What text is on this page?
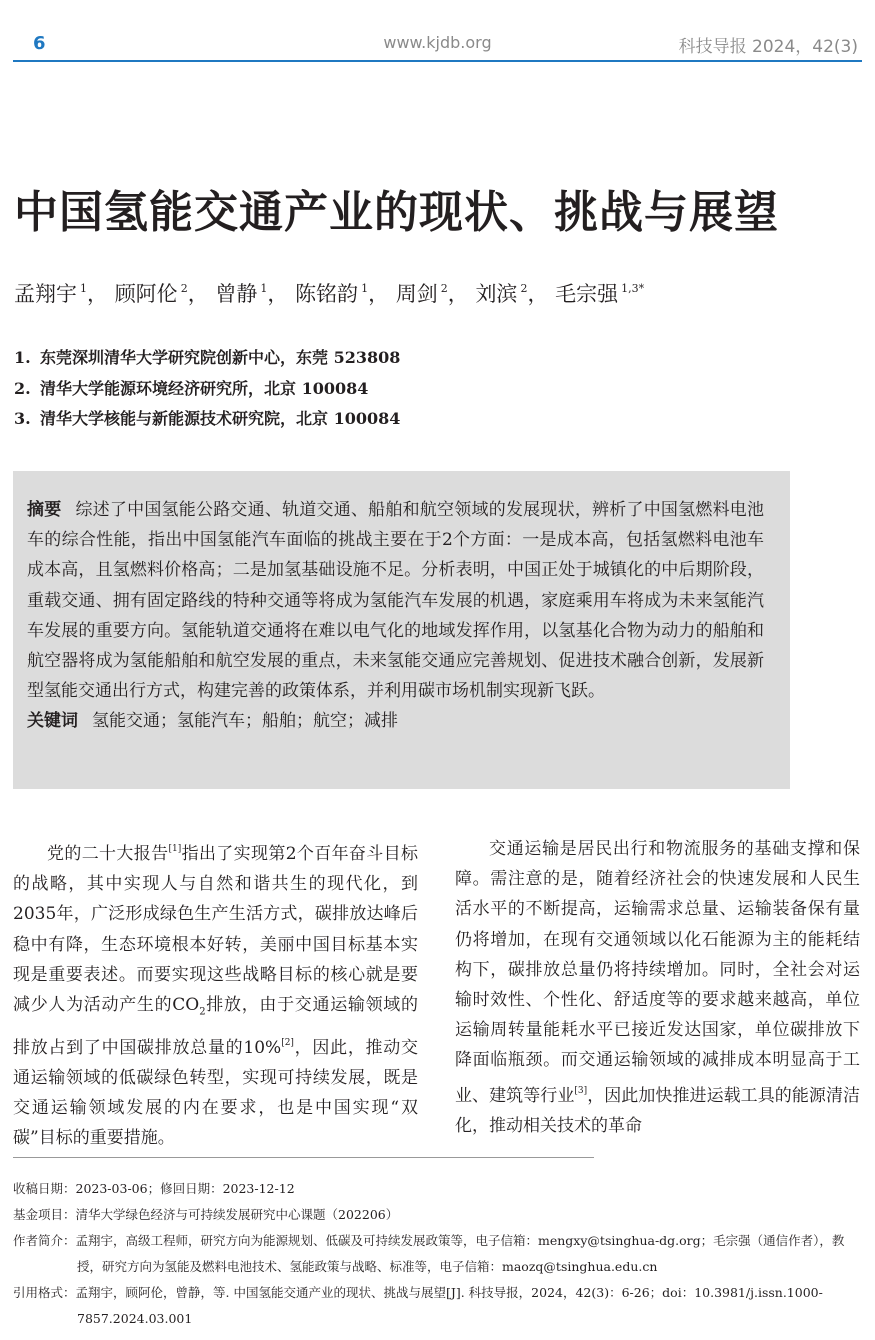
6	www.kjdb.org	科技导报 2024，42(3)
中国氢能交通产业的现状、挑战与展望
孟翔宇 $^1$， 顾阿伦 $^2$， 曾静 $^1$， 陈铭韵 $^1$， 周剑 $^2$， 刘滨 $^2$， 毛宗强 $^{1,3*}$
1. 东莞深圳清华大学研究院创新中心，东莞 523808
2. 清华大学能源环境经济研究所，北京 100084
3. 清华大学核能与新能源技术研究院，北京 100084

摘要 综述了中国氢能公路交通、轨道交通、船舶和航空领域的发展现状，辨析了中国氢燃料电池车的综合性能，指出中国氢能汽车面临的挑战主要在于2个方面：一是成本高，包括氢燃料电池车成本高，且氢燃料价格高；二是加氢基础设施不足。分析表明，中国正处于城镇化的中后期阶段，重载交通、拥有固定路线的特种交通等将成为氢能汽车发展的机遇，家庭乘用车将成为未来氢能汽车发展的重要方向。氢能轨道交通将在难以电气化的地域发挥作用，以氢基化合物为动力的船舶和航空器将成为氢能船舶和航空发展的重点，未来氢能交通应完善规划、促进技术融合创新，发展新型氢能交通出行方式，构建完善的政策体系，并利用碳市场机制实现新飞跃。

关键词 氢能交通；氢能汽车；船舶；航空；减排

党的二十大报告[1]指出了实现第2个百年奋斗目标的战略，其中实现人与自然和谐共生的现代化，到2035年，广泛形成绿色生产生活方式，碳排放达峰后稳中有降，生态环境根本好转，美丽中国目标基本实现是重要表述。而要实现这些战略目标的核心就是要减少人为活动产生的$CO_2$排放，由于交通运输领域的排放占到了中国碳排放总量的10%[2]，因此，推动交通运输领域的低碳绿色转型，实现可持续发展，既是交通运输领域发展的内在要求，也是中国实现“双碳”目标的重要措施。

交通运输是居民出行和物流服务的基础支撑和保障。需注意的是，随着经济社会的快速发展和人民生活水平的不断提高，运输需求总量、运输装备保有量仍将增加，在现有交通领域以化石能源为主的能耗结构下，碳排放总量仍将持续增加。同时，全社会对运输时效性、个性化、舒适度等的要求越来越高，单位运输周转量能耗水平已接近发达国家，单位碳排放下降面临瓶颈。而交通运输领域的减排成本明显高于工业、建筑等行业[3]，因此加快推进运载工具的能源清洁化，推动相关技术的革命

收稿日期：2023-03-06；修回日期：2023-12-12

基金项目：清华大学绿色经济与可持续发展研究中心课题（202206）

作者简介：孟翔宇，高级工程师，研究方向为能源规划、低碳及可持续发展政策等，电子信箱：mengxy@tsinghua-dg.org；毛宗强（通信作者），教授，研究方向为氢能及燃料电池技术、氢能政策与战略、标准等，电子信箱：maozq@tsinghua.edu.cn

引用格式：孟翔宇，顾阿伦，曾静，等. 中国氢能交通产业的现状、挑战与展望[J]. 科技导报，2024，42(3)：6-26；doi：10.3981/j.issn.1000-7857.2024.03.001
